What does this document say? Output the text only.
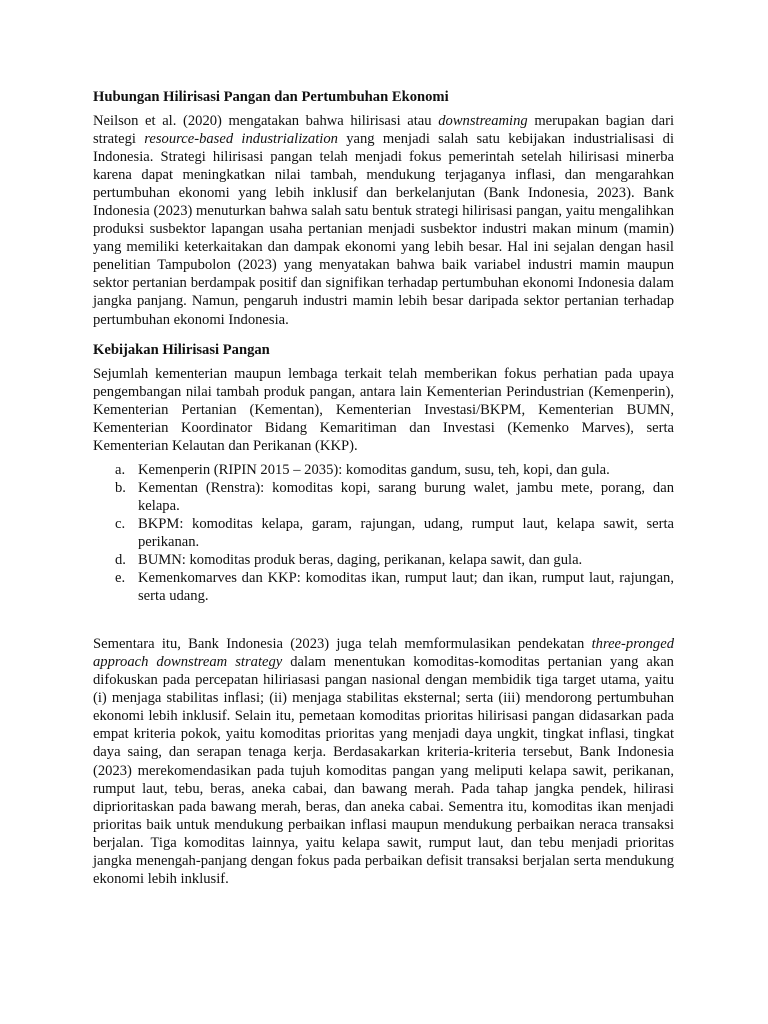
Hubungan Hilirisasi Pangan dan Pertumbuhan Ekonomi

Neilson et al. (2020) mengatakan bahwa hilirisasi atau downstreaming merupakan bagian dari strategi resource-based industrialization yang menjadi salah satu kebijakan industrialisasi di Indonesia. Strategi hilirisasi pangan telah menjadi fokus pemerintah setelah hilirisasi minerba karena dapat meningkatkan nilai tambah, mendukung terjaganya inflasi, dan mengarahkan pertumbuhan ekonomi yang lebih inklusif dan berkelanjutan (Bank Indonesia, 2023). Bank Indonesia (2023) menuturkan bahwa salah satu bentuk strategi hilirisasi pangan, yaitu mengalihkan produksi susbektor lapangan usaha pertanian menjadi susbektor industri makan minum (mamin) yang memiliki keterkaitakan dan dampak ekonomi yang lebih besar. Hal ini sejalan dengan hasil penelitian Tampubolon (2023) yang menyatakan bahwa baik variabel industri mamin maupun sektor pertanian berdampak positif dan signifikan terhadap pertumbuhan ekonomi Indonesia dalam jangka panjang. Namun, pengaruh industri mamin lebih besar daripada sektor pertanian terhadap pertumbuhan ekonomi Indonesia.

Kebijakan Hilirisasi Pangan

Sejumlah kementerian maupun lembaga terkait telah memberikan fokus perhatian pada upaya pengembangan nilai tambah produk pangan, antara lain Kementerian Perindustrian (Kemenperin), Kementerian Pertanian (Kementan), Kementerian Investasi/BKPM, Kementerian BUMN, Kementerian Koordinator Bidang Kemaritiman dan Investasi (Kemenko Marves), serta Kementerian Kelautan dan Perikanan (KKP).

a. Kemenperin (RIPIN 2015 – 2035): komoditas gandum, susu, teh, kopi, dan gula.
b. Kementan (Renstra): komoditas kopi, sarang burung walet, jambu mete, porang, dan kelapa.
c. BKPM: komoditas kelapa, garam, rajungan, udang, rumput laut, kelapa sawit, serta perikanan.
d. BUMN: komoditas produk beras, daging, perikanan, kelapa sawit, dan gula.
e. Kemenkomarves dan KKP: komoditas ikan, rumput laut; dan ikan, rumput laut, rajungan, serta udang.

Sementara itu, Bank Indonesia (2023) juga telah memformulasikan pendekatan three-pronged approach downstream strategy dalam menentukan komoditas-komoditas pertanian yang akan difokuskan pada percepatan hiliriasasi pangan nasional dengan membidik tiga target utama, yaitu (i) menjaga stabilitas inflasi; (ii) menjaga stabilitas eksternal; serta (iii) mendorong pertumbuhan ekonomi lebih inklusif. Selain itu, pemetaan komoditas prioritas hilirisasi pangan didasarkan pada empat kriteria pokok, yaitu komoditas prioritas yang menjadi daya ungkit, tingkat inflasi, tingkat daya saing, dan serapan tenaga kerja. Berdasakarkan kriteria-kriteria tersebut, Bank Indonesia (2023) merekomendasikan pada tujuh komoditas pangan yang meliputi kelapa sawit, perikanan, rumput laut, tebu, beras, aneka cabai, dan bawang merah. Pada tahap jangka pendek, hilirasi diprioritaskan pada bawang merah, beras, dan aneka cabai. Sementra itu, komoditas ikan menjadi prioritas baik untuk mendukung perbaikan inflasi maupun mendukung perbaikan neraca transaksi berjalan. Tiga komoditas lainnya, yaitu kelapa sawit, rumput laut, dan tebu menjadi prioritas jangka menengah-panjang dengan fokus pada perbaikan defisit transaksi berjalan serta mendukung ekonomi lebih inklusif.
